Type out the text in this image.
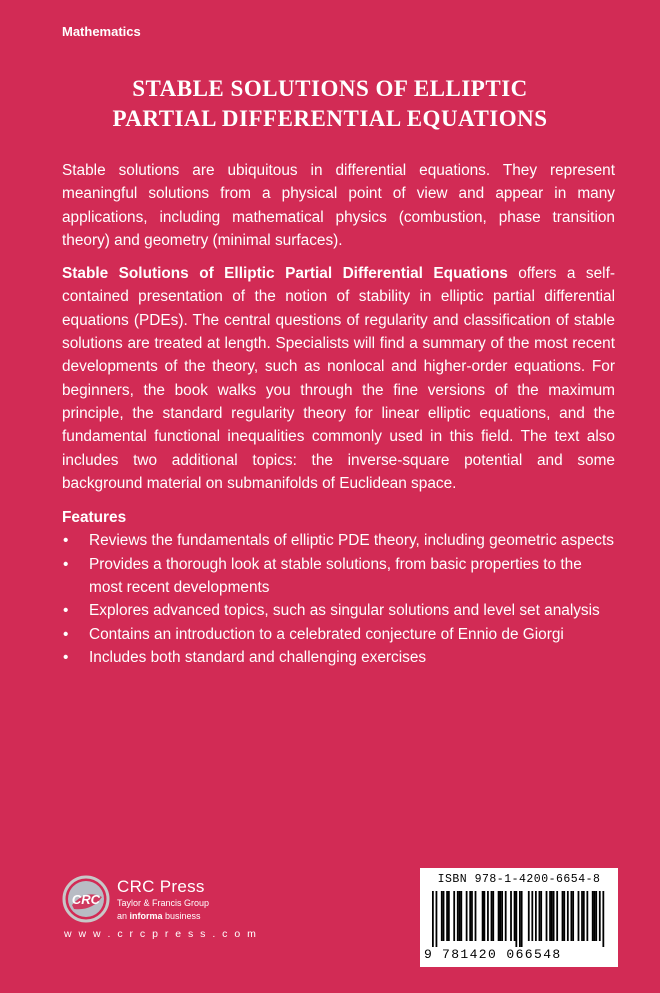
Mathematics
STABLE SOLUTIONS OF ELLIPTIC
PARTIAL DIFFERENTIAL EQUATIONS

Stable solutions are ubiquitous in differential equations. They represent meaningful solutions from a physical point of view and appear in many applications, including mathematical physics (combustion, phase transition theory) and geometry (minimal surfaces).

Stable Solutions of Elliptic Partial Differential Equations offers a self-contained presentation of the notion of stability in elliptic partial differential equations (PDEs). The central questions of regularity and classification of stable solutions are treated at length. Specialists will find a summary of the most recent developments of the theory, such as nonlocal and higher-order equations. For beginners, the book walks you through the fine versions of the maximum principle, the standard regularity theory for linear elliptic equations, and the fundamental functional inequalities commonly used in this field. The text also includes two additional topics: the inverse-square potential and some background material on submanifolds of Euclidean space.

Features
• Reviews the fundamentals of elliptic PDE theory, including geometric aspects
• Provides a thorough look at stable solutions, from basic properties to the most recent developments
• Explores advanced topics, such as singular solutions and level set analysis
• Contains an introduction to a celebrated conjecture of Ennio de Giorgi
• Includes both standard and challenging exercises
CRC
CRC Press
Taylor & Francis Group
an informa business
w w w . c r c p r e s s . c o m
ISBN 978-1-4200-6654-8
9 781420 066548
